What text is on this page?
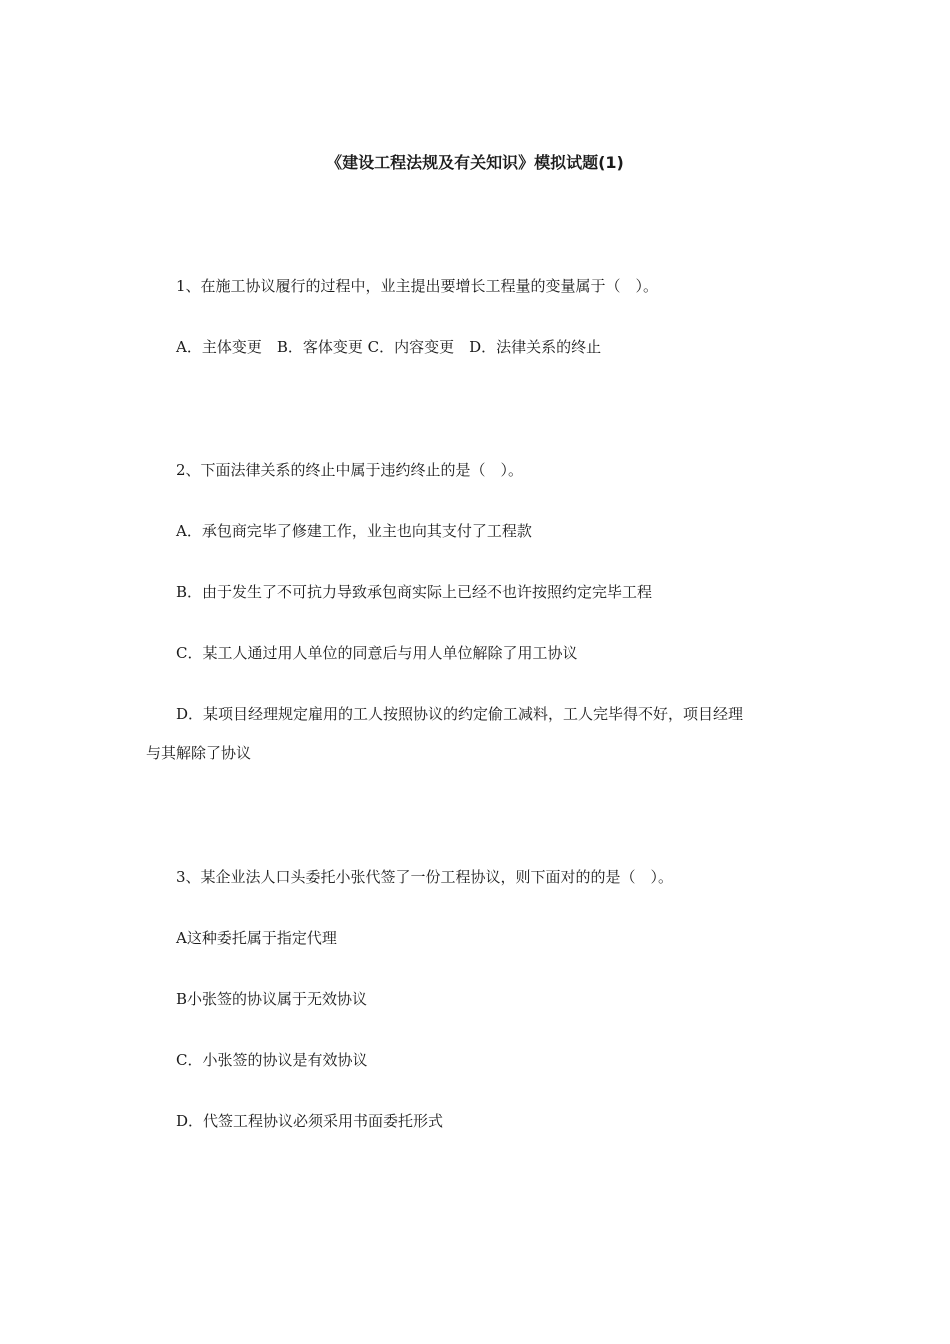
《建设工程法规及有关知识》模拟试题(1)
1、在施工协议履行的过程中，业主提出要增长工程量的变量属于（　）。
A．主体变更　B．客体变更 C．内容变更　D．法律关系的终止
2、下面法律关系的终止中属于违约终止的是（　）。
A．承包商完毕了修建工作，业主也向其支付了工程款
B．由于发生了不可抗力导致承包商实际上已经不也许按照约定完毕工程
C．某工人通过用人单位的同意后与用人单位解除了用工协议
D．某项目经理规定雇用的工人按照协议的约定偷工减料，工人完毕得不好，项目经理
与其解除了协议
3、某企业法人口头委托小张代签了一份工程协议，则下面对的的是（　）。
A这种委托属于指定代理
B小张签的协议属于无效协议
C．小张签的协议是有效协议
D．代签工程协议必须采用书面委托形式
